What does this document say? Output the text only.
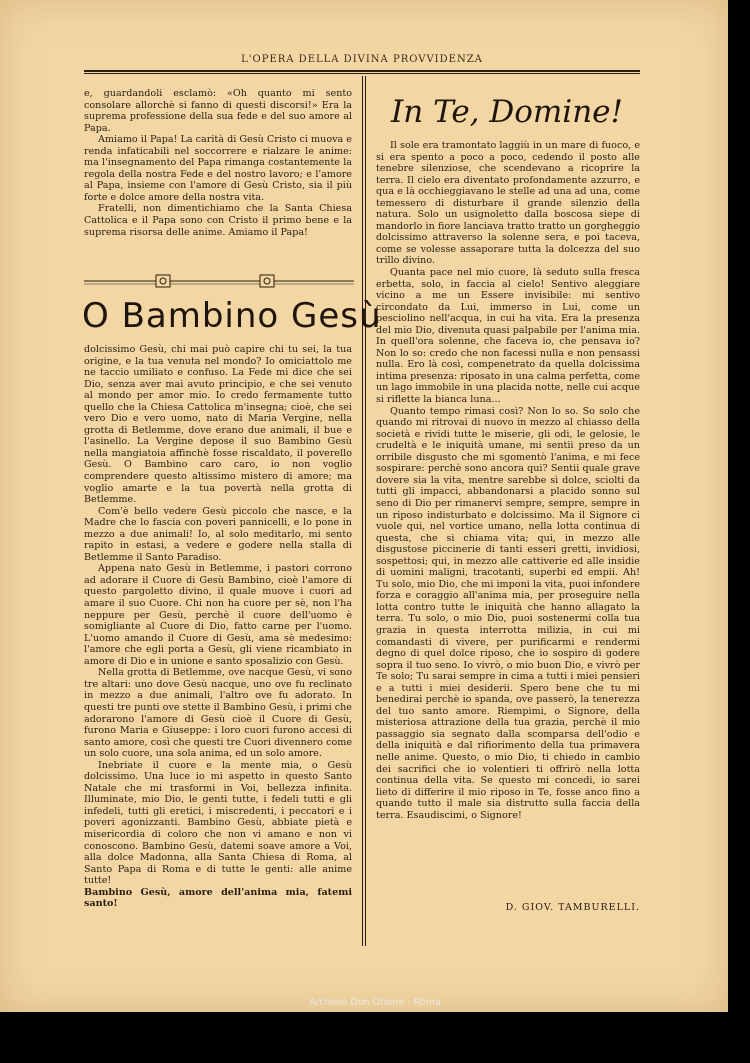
L'OPERA DELLA DIVINA PROVVIDENZA

e, guardandoli esclamò: «Oh quanto mi sento consolare allorchè si fanno di questi discorsi!» Era la suprema professione della sua fede e del suo amore al Papa.

Amiamo il Papa! La carità di Gesù Cristo ci muova e renda infaticabili nel soccorrere e rialzare le anime: ma l'insegnamento del Papa rimanga costantemente la regola della nostra Fede e del nostro lavoro; e l'amore al Papa, insieme con l'amore di Gesù Cristo, sia il più forte e dolce amore della nostra vita.

Fratelli, non dimentichiamo che la Santa Chiesa Cattolica e il Papa sono con Cristo il primo bene e la suprema risorsa delle anime. Amiamo il Papa!

O Bambino Gesù

dolcissimo Gesù, chi mai può capire chi tu sei, la tua origine, e la tua venuta nel mondo? Io omiciattolo me ne taccio umiliato e confuso. La Fede mi dice che sei Dio, senza aver mai avuto principio, e che sei venuto al mondo per amor mio. Io credo fermamente tutto quello che la Chiesa Cattolica m'insegna; cioè, che sei vero Dio e vero uomo, nato di Maria Vergine, nella grotta di Betlemme, dove erano due animali, il bue e l'asinello. La Vergine depose il suo Bambino Gesù nella mangiatoia affinchè fosse riscaldato, il poverello Gesù. O Bambino caro caro, io non voglio comprendere questo altissimo mistero di amore; ma voglio amarte e la tua povertà nella grotta di Betlemme.

Com'è bello vedere Gesù piccolo che nasce, e la Madre che lo fascia con poveri pannicelli, e lo pone in mezzo a due animali! Io, al solo meditarlo, mi sento rapito in estasi, a vedere e godere nella stalla di Betlemme il Santo Paradiso.

Appena nato Gesù in Betlemme, i pastori corrono ad adorare il Cuore di Gesù Bambino, cioè l'amore di questo pargoletto divino, il quale muove i cuori ad amare il suo Cuore. Chi non ha cuore per sè, non l'ha neppure per Gesù, perchè il cuore dell'uomo è somigliante al Cuore di Dio, fatto carne per l'uomo. L'uomo amando il Cuore di Gesù, ama sè medesimo: l'amore che egli porta a Gesù, gli viene ricambiato in amore di Dio e in unione e santo sposalizio con Gesù.

Nella grotta di Betlemme, ove nacque Gesù, vi sono tre altari: uno dove Gesù nacque, uno ove fu reclinato in mezzo a due animali, l'altro ove fu adorato. In questi tre punti ove stette il Bambino Gesù, i primi che adorarono l'amore di Gesù cioè il Cuore di Gesù, furono Maria e Giuseppe: i loro cuori furono accesi di santo amore, così che questi tre Cuori divennero come un solo cuore, una sola anima, ed un solo amore.

Inebriate il cuore e la mente mia, o Gesù dolcissimo. Una luce io mi aspetto in questo Santo Natale che mi trasformi in Voi, bellezza infinita. Illuminate, mio Dio, le genti tutte, i fedeli tutti e gli infedeli, tutti gli eretici, i miscredenti, i peccatori e i poveri agonizzanti. Bambino Gesù, abbiate pietà e misericordia di coloro che non vi amano e non vi conoscono. Bambino Gesù, datemi soave amore a Voi, alla dolce Madonna, alla Santa Chiesa di Roma, al Santo Papa di Roma e di tutte le genti: alle anime tutte!

Bambino Gesù, amore dell'anima mia, fatemi santo!

In Te, Domine!

Il sole era tramontato laggiù in un mare di fuoco, e si era spento a poco a poco, cedendo il posto alle tenebre silenziose, che scendevano a ricoprire la terra. Il cielo era diventato profondamente azzurro, e qua e là occhieggiavano le stelle ad una ad una, come temessero di disturbare il grande silenzio della natura. Solo un usignoletto dalla boscosa siepe di mandorlo in fiore lanciava tratto tratto un gorgheggio dolcissimo attraverso la solenne sera, e poi taceva, come se volesse assaporare tutta la dolcezza del suo trillo divino.

Quanta pace nel mio cuore, là seduto sulla fresca erbetta, solo, in faccia al cielo! Sentivo aleggiare vicino a me un Essere invisibile: mi sentivo circondato da Lui, immerso in Lui, come un pesciolino nell'acqua, in cui ha vita. Era la presenza del mio Dio, divenuta quasi palpabile per l'anima mia. In quell'ora solenne, che faceva io, che pensava io? Non lo so: credo che non facessi nulla e non pensassi nulla. Ero là così, compenetrato da quella dolcissima intima presenza: riposato in una calma perfetta, come un lago immobile in una placida notte, nelle cui acque si riflette la bianca luna...

Quanto tempo rimasi così? Non lo so. So solo che quando mi ritrovai di nuovo in mezzo al chiasso della società e rividi tutte le miserie, gli odi, le gelosie, le crudeltà e le iniquità umane, mi sentii preso da un orribile disgusto che mi sgomentò l'anima, e mi fece sospirare: perchè sono ancora qui? Sentii quale grave dovere sia la vita, mentre sarebbe sì dolce, sciolti da tutti gli impacci, abbandonarsi a placido sonno sul seno di Dio per rimanervi sempre, sempre, sempre in un riposo indisturbato e dolcissimo. Ma il Signore ci vuole qui, nel vortice umano, nella lotta continua di questa, che si chiama vita; qui, in mezzo alle disgustose piccinerie di tanti esseri gretti, invidiosi, sospettosi; qui, in mezzo alle cattiverie ed alle insidie di uomini maligni, tracotanti, superbi ed empii. Ah! Tu solo, mio Dio, che mi imponi la vita, puoi infondere forza e coraggio all'anima mia, per proseguire nella lotta contro tutte le iniquità che hanno allagato la terra. Tu solo, o mio Dio, puoi sostenermi colla tua grazia in questa interrotta milizia, in cui mi comandasti di vivere, per purificarmi e rendermi degno di quel dolce riposo, che io sospiro di godere sopra il tuo seno. Io vivrò, o mio buon Dio, e vivrò per Te solo; Tu sarai sempre in cima a tutti i miei pensieri e a tutti i miei desiderii. Spero bene che tu mi benedirai perchè io spanda, ove passerò, la tenerezza del tuo santo amore. Riempimi, o Signore, della misteriosa attrazione della tua grazia, perchè il mio passaggio sia segnato dalla scomparsa dell'odio e della iniquità e dal rifiorimento della tua primavera nelle anime. Questo, o mio Dio, ti chiedo in cambio dei sacrifici che io volentieri ti offrirò nella lotta continua della vita. Se questo mi concedi, io sarei lieto di differire il mio riposo in Te, fosse anco fino a quando tutto il male sia distrutto sulla faccia della terra. Esaudiscimi, o Signore!

D. GIOV. TAMBURELLI.
Archivio Don Orione - Roma
